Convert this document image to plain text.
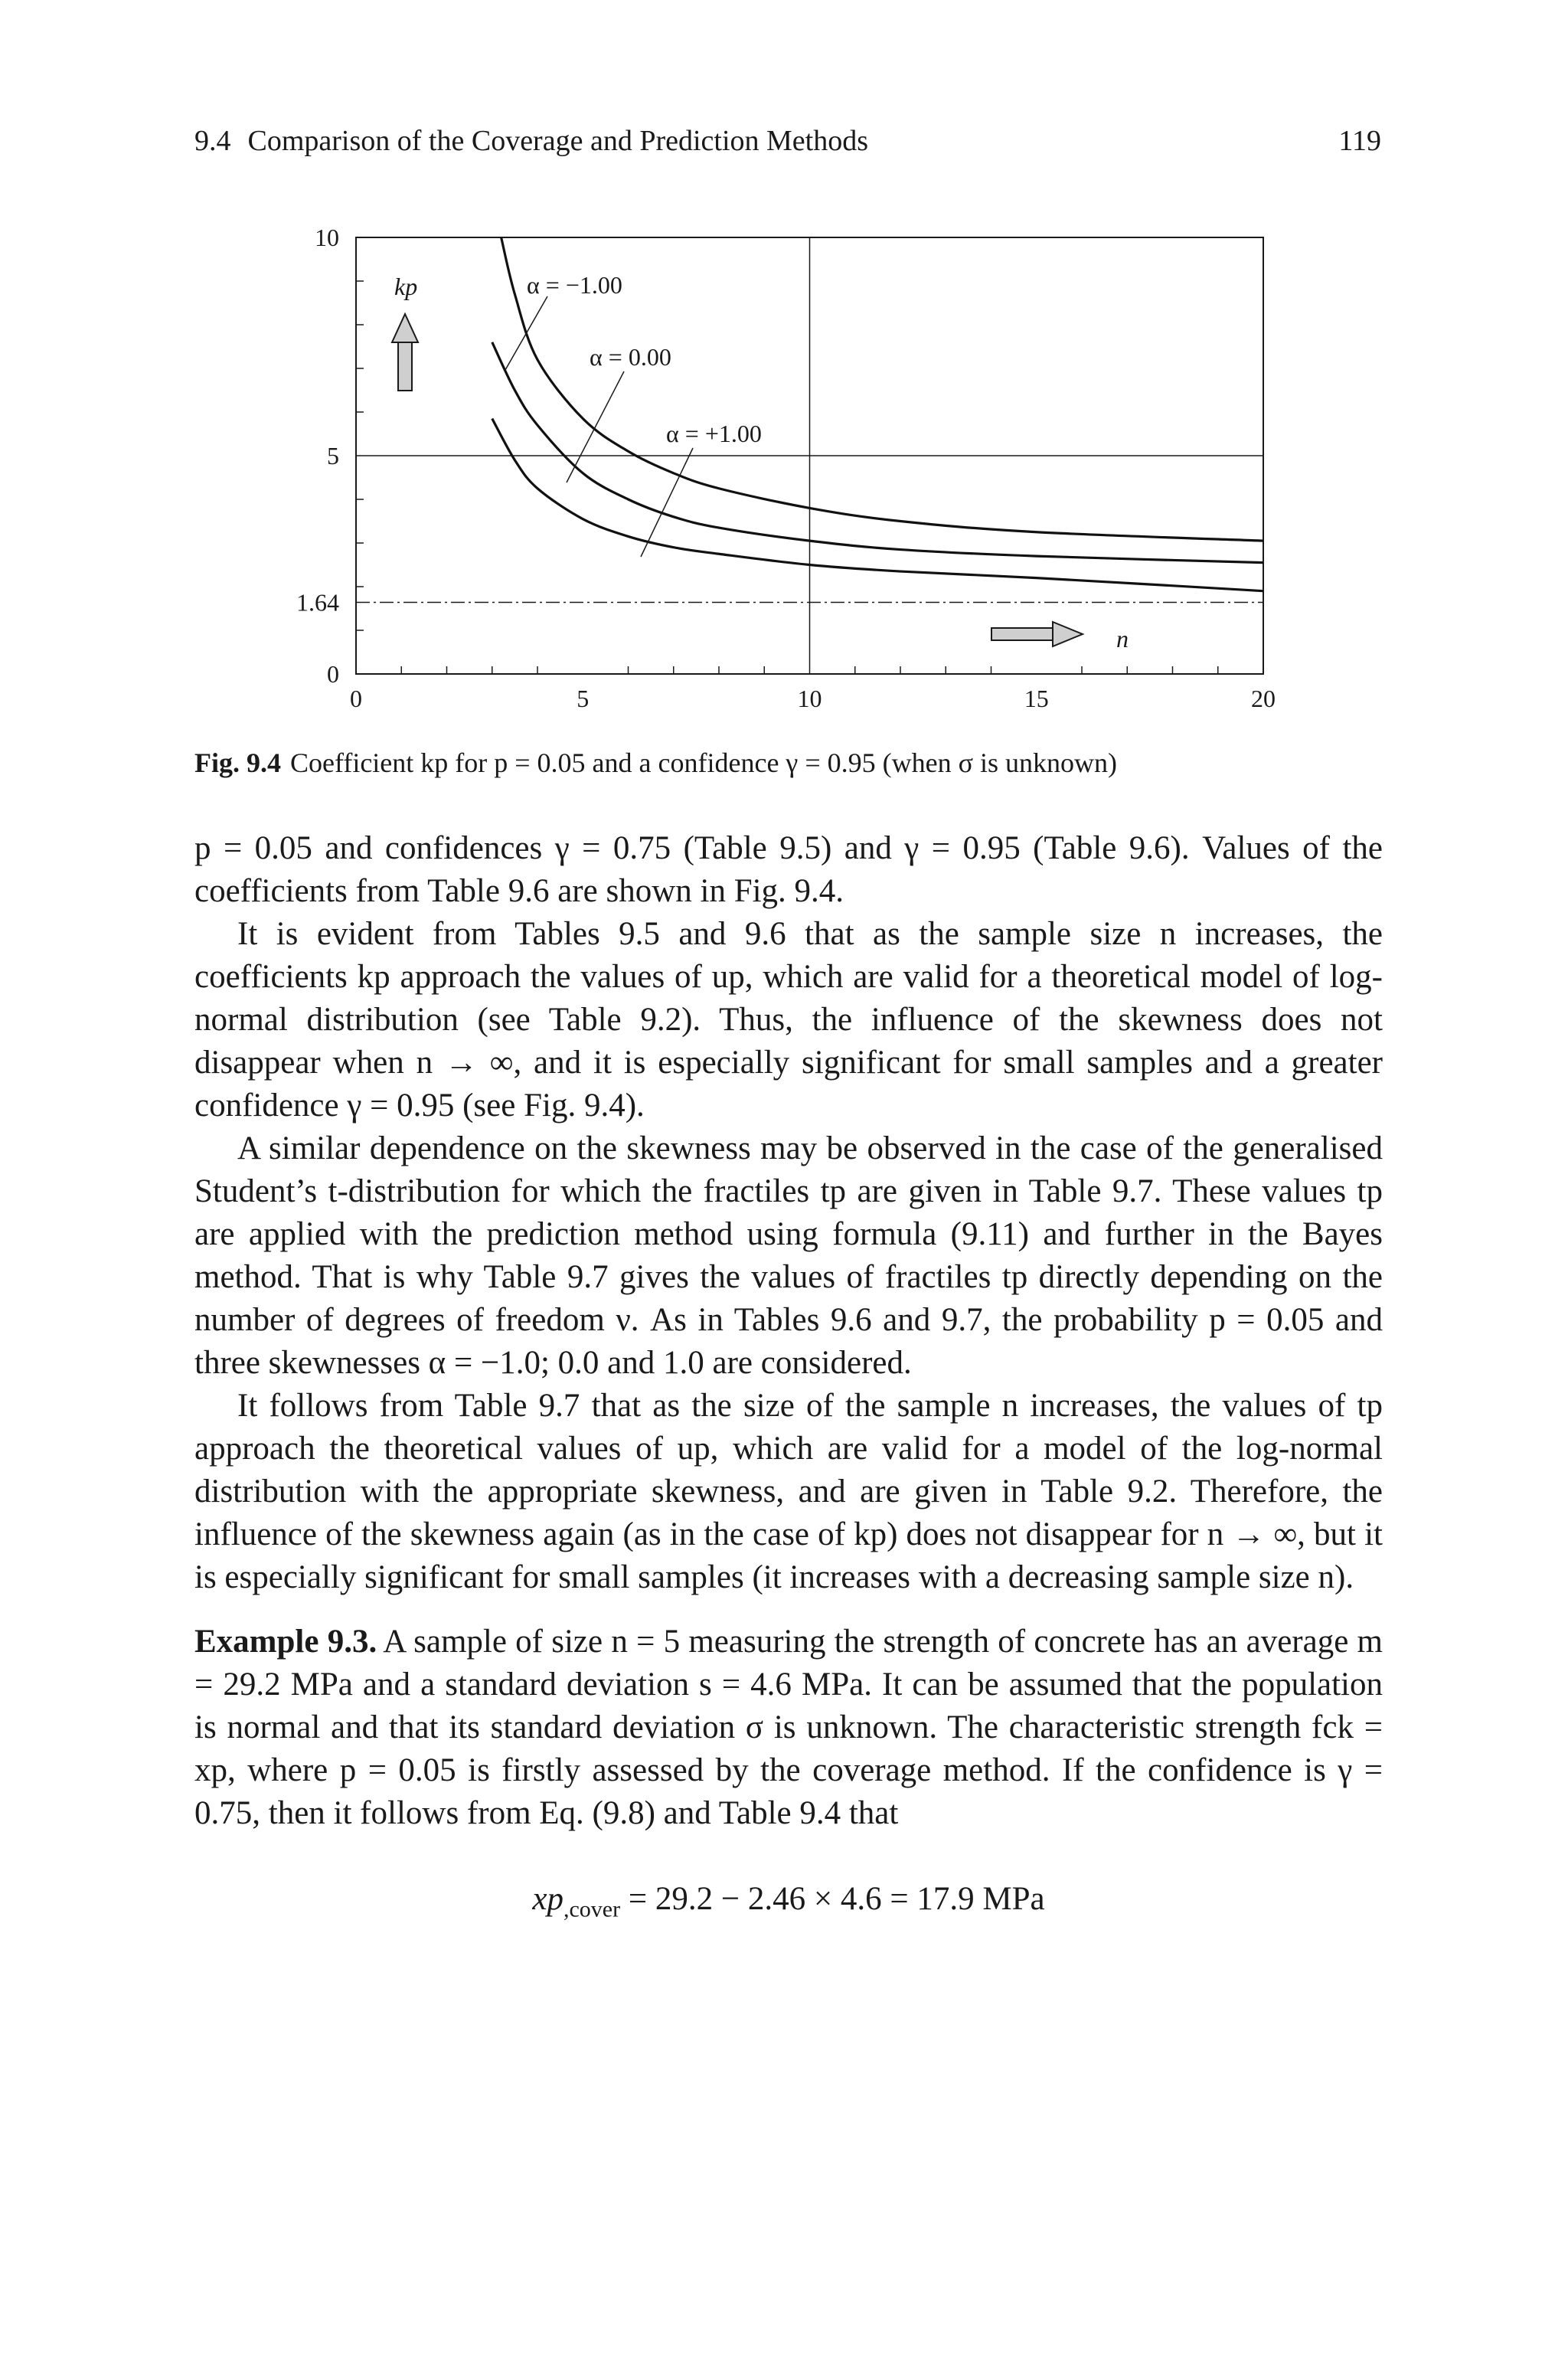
9.4 Comparison of the Coverage and Prediction Methods	119
0	5	10	15	20
0
1.64
5
10
kp
n
α = −1.00
α = 0.00
α = +1.00
Fig. 9.4 Coefficient kp for p = 0.05 and a confidence γ = 0.95 (when σ is unknown)

p = 0.05 and confidences γ = 0.75 (Table 9.5) and γ = 0.95 (Table 9.6). Values of the coefficients from Table 9.6 are shown in Fig. 9.4.

It is evident from Tables 9.5 and 9.6 that as the sample size n increases, the coefficients kp approach the values of up, which are valid for a theoretical model of log-normal distribution (see Table 9.2). Thus, the influence of the skewness does not disappear when n → ∞, and it is especially significant for small samples and a greater confidence γ = 0.95 (see Fig. 9.4).

A similar dependence on the skewness may be observed in the case of the generalised Student’s t-distribution for which the fractiles tp are given in Table 9.7. These values tp are applied with the prediction method using formula (9.11) and further in the Bayes method. That is why Table 9.7 gives the values of fractiles tp directly depending on the number of degrees of freedom ν. As in Tables 9.6 and 9.7, the probability p = 0.05 and three skewnesses α = −1.0; 0.0 and 1.0 are considered.

It follows from Table 9.7 that as the size of the sample n increases, the values of tp approach the theoretical values of up, which are valid for a model of the log-normal distribution with the appropriate skewness, and are given in Table 9.2. Therefore, the influence of the skewness again (as in the case of kp) does not disappear for n → ∞, but it is especially significant for small samples (it increases with a decreasing sample size n).

Example 9.3. A sample of size n = 5 measuring the strength of concrete has an average m = 29.2 MPa and a standard deviation s = 4.6 MPa. It can be assumed that the population is normal and that its standard deviation σ is unknown. The characteristic strength fck = xp, where p = 0.05 is firstly assessed by the coverage method. If the confidence is γ = 0.75, then it follows from Eq. (9.8) and Table 9.4 that

$xp_{,cover} = 29.2 - 2.46 \times 4.6 = 17.9$ MPa
